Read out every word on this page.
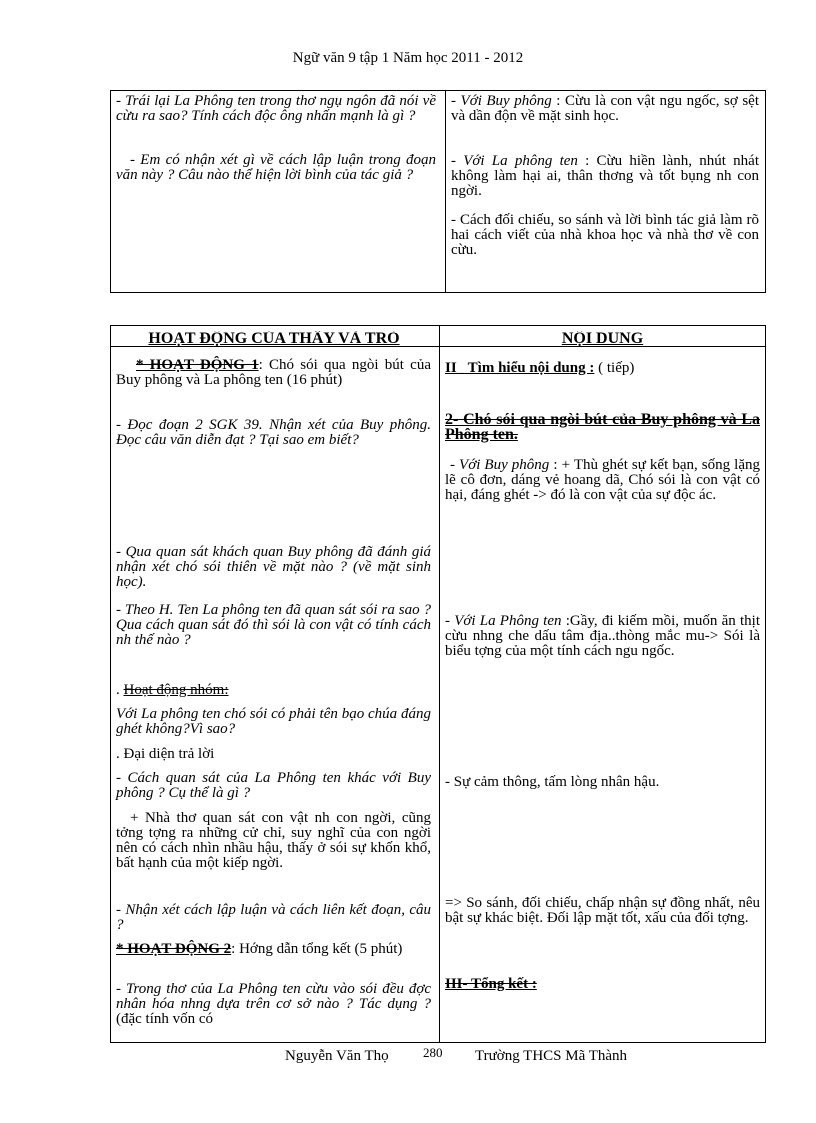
Ngữ văn 9 tập 1 Năm học 2011 - 2012
- Trái lại La Phông ten trong thơ ngụ ngôn đã nói về cừu ra sao? Tính cách độc ông nhấn mạnh là gì ?
- Em có nhận xét gì về cách lập luận trong đoạn văn này ? Câu nào thể hiện lời bình của tác giả ?
- Với Buy phông : Cừu là con vật ngu ngốc, sợ sệt và dần độn về mặt sinh học.
- Với La phông ten : Cừu hiền lành, nhút nhát không làm hại ai, thân thơng và tốt bụng nh con ngời.
- Cách đối chiếu, so sánh và lời bình tác giả làm rõ hai cách viết của nhà khoa học và nhà thơ về con cừu.
HOẠT ĐỘNG CỦA THẦY VÀ TRÒ	NỘI DUNG
* HOẠT ĐỘNG 1: Chó sói qua ngòi bút của Buy phông và La phông ten (16 phút)
- Đọc đoạn 2 SGK 39. Nhận xét của Buy phông. Đọc câu văn diễn đạt ? Tại sao em biết?
- Qua quan sát khách quan Buy phông đã đánh giá nhận xét chó sói thiên về mặt nào ? (về mặt sinh học).
- Theo H. Ten La phông ten đã quan sát sói ra sao ? Qua cách quan sát đó thì sói là con vật có tính cách nh thế nào ?
. Hoạt động nhóm:
Với La phông ten chó sói có phải tên bạo chúa đáng ghét không?Vì sao?
. Đại diện trả lời
- Cách quan sát của La Phông ten khác với Buy phông ? Cụ thể là gì ?
+ Nhà thơ quan sát con vật nh con ngời, cũng tởng tợng ra những cử chỉ, suy nghĩ của con ngời nên có cách nhìn nhầu hậu, thấy ở sói sự khốn khổ, bất hạnh của một kiếp ngời.
- Nhận xét cách lập luận và cách liên kết đoạn, câu ?
* HOẠT ĐỘNG 2: Hớng dẫn tổng kết (5 phút)
- Trong thơ của La Phông ten cừu vào sói đều đợc nhân hóa nhng dựa trên cơ sở nào ? Tác dụng ? (đặc tính vốn có
II_ Tìm hiểu nội dung : ( tiếp)
2- Chó sói qua ngòi bút của Buy phông và La Phông ten.
- Với Buy phông : + Thù ghét sự kết bạn, sống lặng lẽ cô đơn, dáng vẻ hoang dã, Chó sói là con vật có hại, đáng ghét -> đó là con vật của sự độc ác.
- Với La Phông ten :Gầy, đi kiếm mồi, muốn ăn thịt cừu nhng che dấu tâm địa..thòng mắc mu-> Sói là biểu tợng của một tính cách ngu ngốc.
- Sự cảm thông, tấm lòng nhân hậu.
=> So sánh, đối chiếu, chấp nhận sự đồng nhất, nêu bật sự khác biệt. Đối lập mặt tốt, xấu của đối tợng.
III- Tổng kết :
Nguyễn Văn Thọ	280 Trường THCS Mã Thành
